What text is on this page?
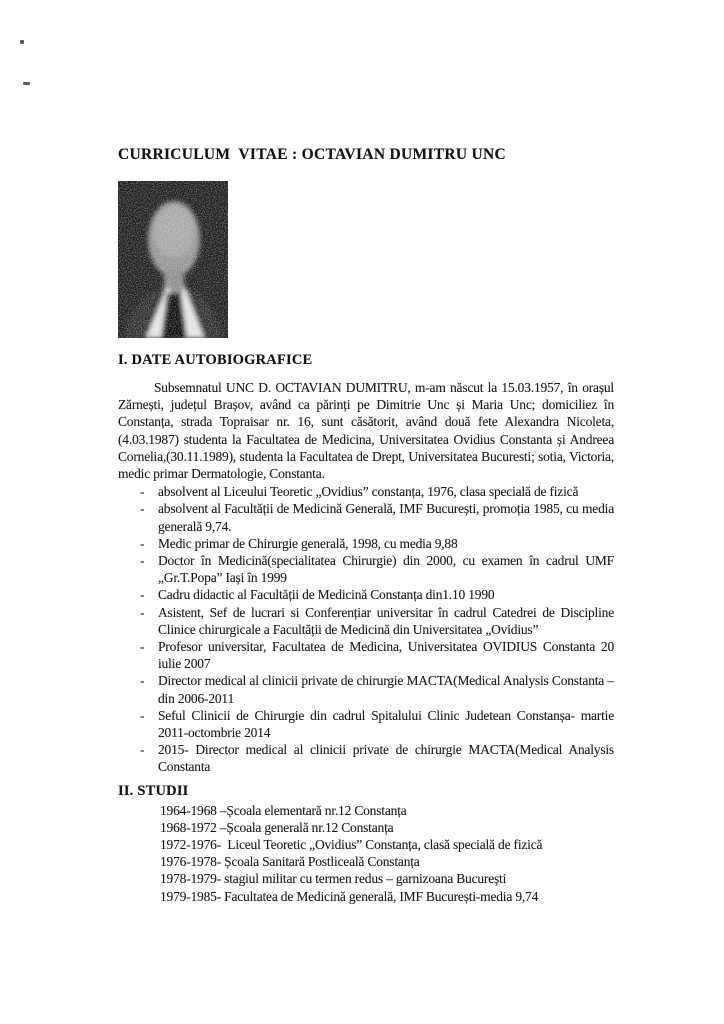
CURRICULUM  VITAE : OCTAVIAN DUMITRU UNC
I. DATE AUTOBIOGRAFICE

Subsemnatul UNC D. OCTAVIAN DUMITRU, m-am născut la 15.03.1957, în orașul Zărnești, județul Brașov, având ca părinți pe Dimitrie Unc și Maria Unc; domiciliez în Constanța, strada Topraisar nr. 16, sunt căsătorit, având două fete Alexandra Nicoleta,(4.03.1987) studenta la Facultatea de Medicina, Universitatea Ovidius Constanta și Andreea Cornelia,(30.11.1989), studenta la Facultatea de Drept, Universitatea Bucuresti; sotia, Victoria, medic primar Dermatologie, Constanta.

-	absolvent al Liceului Teoretic „Ovidius” constanța, 1976, clasa specială de fizică
-	absolvent al Facultății de Medicină Generală, IMF București, promoția 1985, cu media generală 9,74.
-	Medic primar de Chirurgie generală, 1998, cu media 9,88
-	Doctor în Medicină(specialitatea Chirurgie) din 2000, cu examen în cadrul UMF „Gr.T.Popa” Iași în 1999
-	Cadru didactic al Facultății de Medicină Constanța din1.10 1990
-	Asistent, Sef de lucrari si Conferențiar universitar în cadrul Catedrei de Discipline Clinice chirurgicale a Facultății de Medicină din Universitatea „Ovidius”
-	Profesor universitar, Facultatea de Medicina, Universitatea OVIDIUS Constanta 20 iulie 2007
-	Director medical al clinicii private de chirurgie MACTA(Medical Analysis Constanta – din 2006-2011
-	Seful Clinicii de Chirurgie din cadrul Spitalului Clinic Judetean Constanșa- martie 2011-octombrie 2014
-	2015- Director medical al clinicii private de chirurgie MACTA(Medical Analysis Constanta
II. STUDII
1964-1968 –Școala elementară nr.12 Constanța
1968-1972 –Școala generală nr.12 Constanța
1972-1976-  Liceul Teoretic „Ovidius” Constanța, clasă specială de fizică
1976-1978- Școala Sanitară Postliceală Constanța
1978-1979- stagiul militar cu termen redus – garnizoana București
1979-1985- Facultatea de Medicină generală, IMF București-media 9,74
